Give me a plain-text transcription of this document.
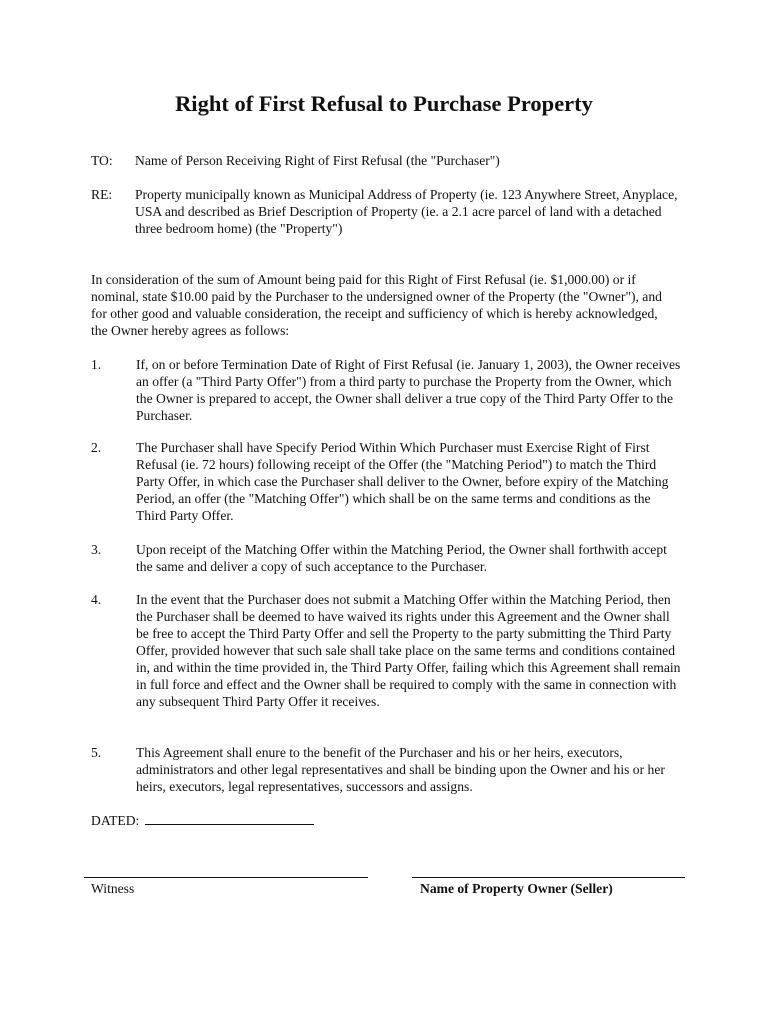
Right of First Refusal to Purchase Property
TO: Name of Person Receiving Right of First Refusal (the "Purchaser")
RE: Property municipally known as Municipal Address of Property (ie. 123 Anywhere Street, Anyplace, USA and described as Brief Description of Property (ie. a 2.1 acre parcel of land with a detached three bedroom home) (the "Property")

In consideration of the sum of Amount being paid for this Right of First Refusal (ie. $1,000.00) or if nominal, state $10.00 paid by the Purchaser to the undersigned owner of the Property (the "Owner"), and for other good and valuable consideration, the receipt and sufficiency of which is hereby acknowledged, the Owner hereby agrees as follows:

1.	If, on or before Termination Date of Right of First Refusal (ie. January 1, 2003), the Owner receives an offer (a "Third Party Offer") from a third party to purchase the Property from the Owner, which the Owner is prepared to accept, the Owner shall deliver a true copy of the Third Party Offer to the Purchaser.
2.	The Purchaser shall have Specify Period Within Which Purchaser must Exercise Right of First Refusal (ie. 72 hours) following receipt of the Offer (the "Matching Period") to match the Third Party Offer, in which case the Purchaser shall deliver to the Owner, before expiry of the Matching Period, an offer (the "Matching Offer") which shall be on the same terms and conditions as the Third Party Offer.
3.	Upon receipt of the Matching Offer within the Matching Period, the Owner shall forthwith accept the same and deliver a copy of such acceptance to the Purchaser.
4.	In the event that the Purchaser does not submit a Matching Offer within the Matching Period, then the Purchaser shall be deemed to have waived its rights under this Agreement and the Owner shall be free to accept the Third Party Offer and sell the Property to the party submitting the Third Party Offer, provided however that such sale shall take place on the same terms and conditions contained in, and within the time provided in, the Third Party Offer, failing which this Agreement shall remain in full force and effect and the Owner shall be required to comply with the same in connection with any subsequent Third Party Offer it receives.
5.	This Agreement shall enure to the benefit of the Purchaser and his or her heirs, executors, administrators and other legal representatives and shall be binding upon the Owner and his or her heirs, executors, legal representatives, successors and assigns.
DATED:
Witness	Name of Property Owner (Seller)
